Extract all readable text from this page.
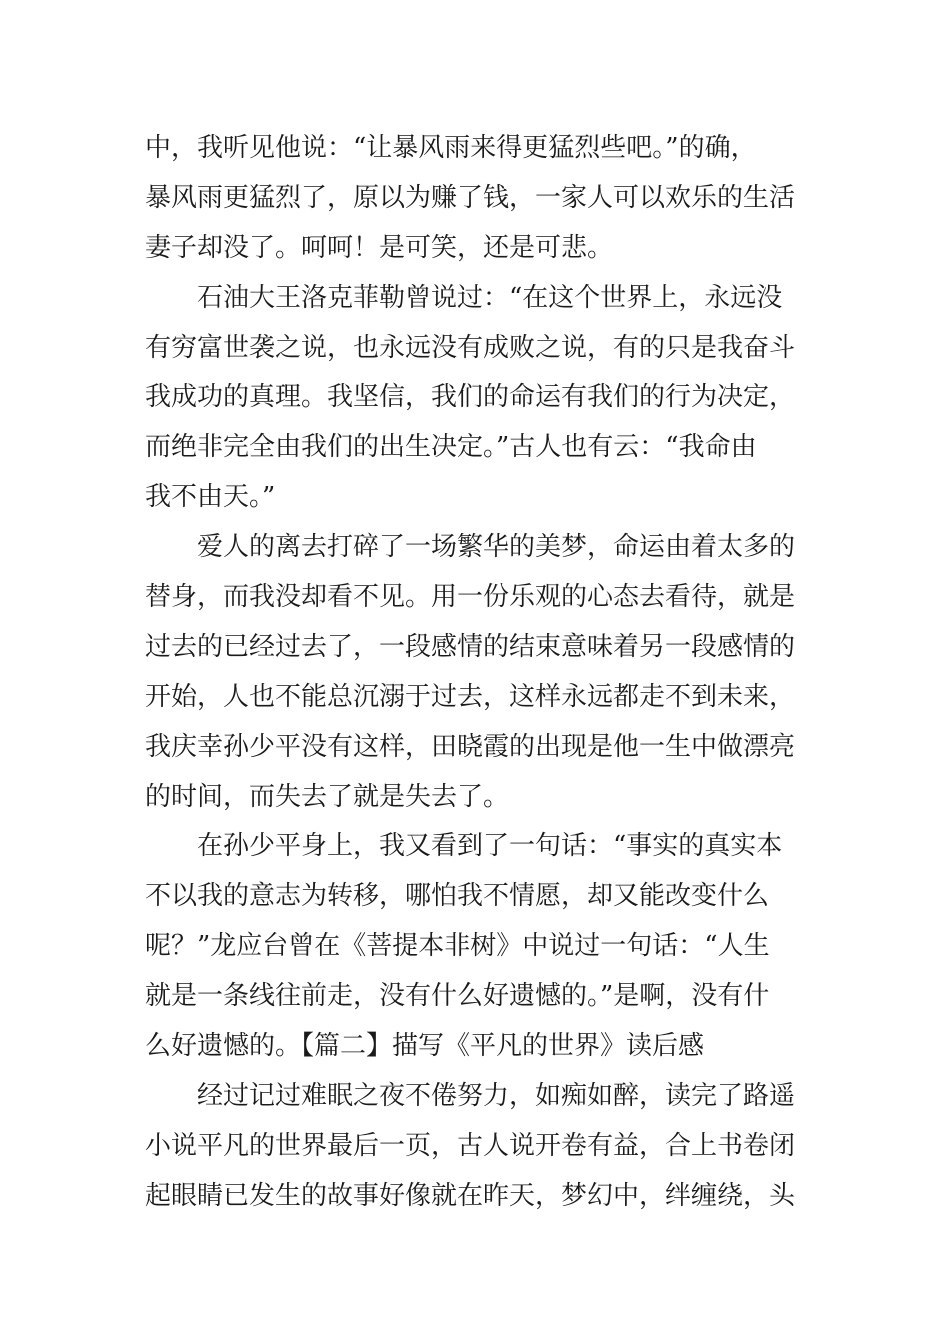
中，我听见他说：“让暴风雨来得更猛烈些吧。”的确，
暴风雨更猛烈了，原以为赚了钱，一家人可以欢乐的生活
妻子却没了。呵呵！是可笑，还是可悲。
石油大王洛克菲勒曾说过：“在这个世界上，永远没
有穷富世袭之说，也永远没有成败之说，有的只是我奋斗
我成功的真理。我坚信，我们的命运有我们的行为决定，
而绝非完全由我们的出生决定。”古人也有云：“我命由
我不由天。”
爱人的离去打碎了一场繁华的美梦，命运由着太多的
替身，而我没却看不见。用一份乐观的心态去看待，就是
过去的已经过去了，一段感情的结束意味着另一段感情的
开始，人也不能总沉溺于过去，这样永远都走不到未来，
我庆幸孙少平没有这样，田晓霞的出现是他一生中做漂亮
的时间，而失去了就是失去了。
在孙少平身上，我又看到了一句话：“事实的真实本
不以我的意志为转移，哪怕我不情愿，却又能改变什么
呢？”龙应台曾在《菩提本非树》中说过一句话：“人生
就是一条线往前走，没有什么好遗憾的。”是啊，没有什
么好遗憾的。【篇二】描写《平凡的世界》读后感
经过记过难眠之夜不倦努力，如痴如醉，读完了路遥
小说平凡的世界最后一页，古人说开卷有益，合上书卷闭
起眼睛已发生的故事好像就在昨天，梦幻中，绊缠绕，头
